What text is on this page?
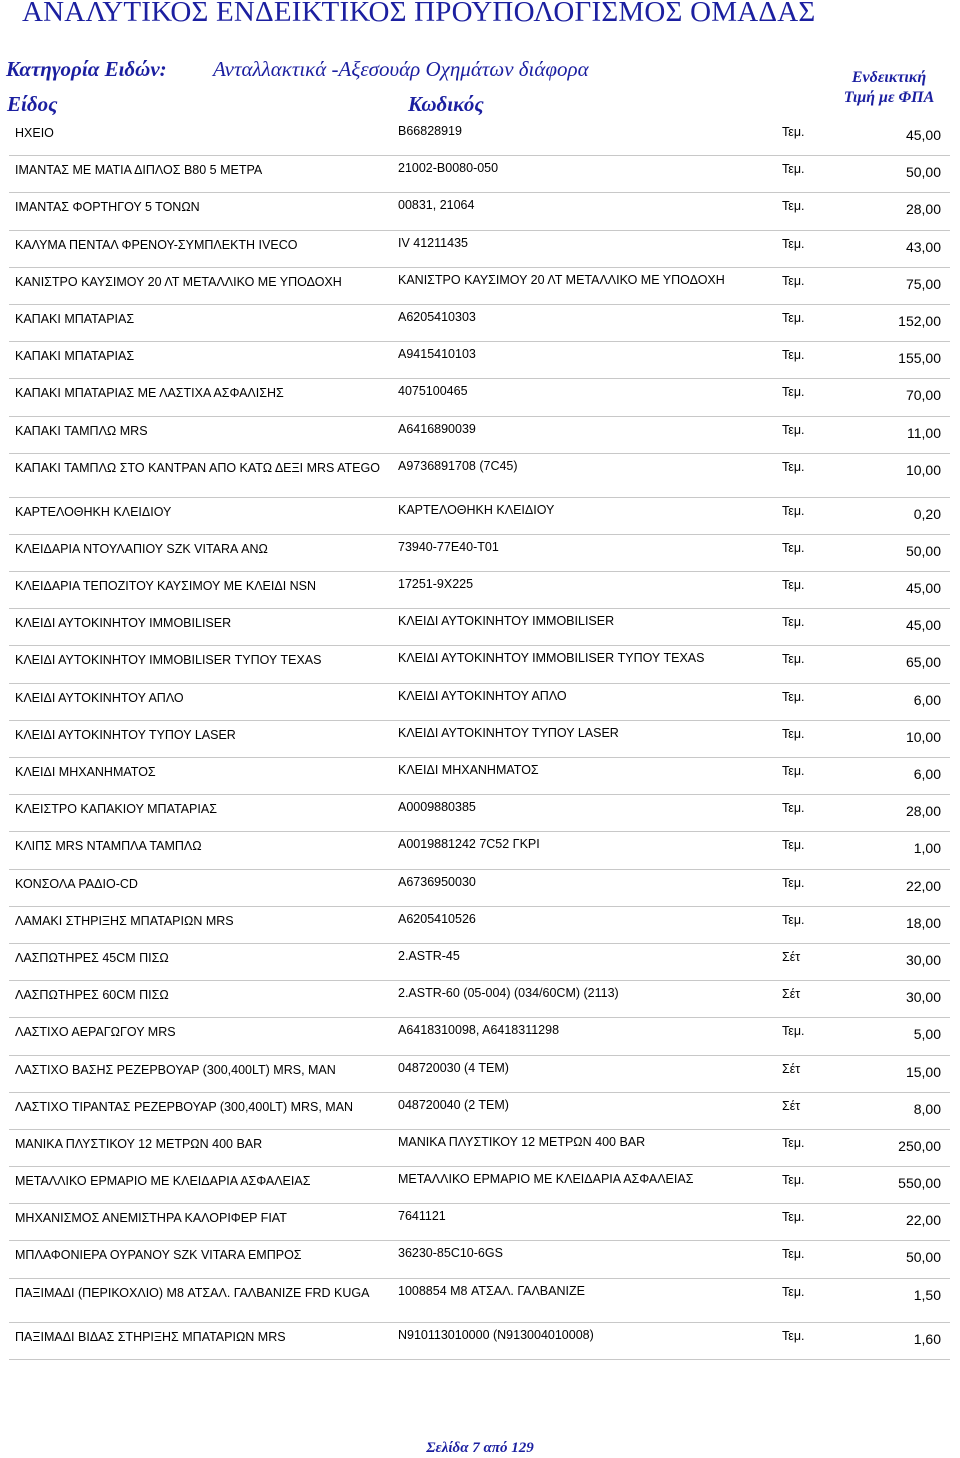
ΑΝΑΛΥΤΙΚΟΣ ΕΝΔΕΙΚΤΙΚΟΣ ΠΡΟΥΠΟΛΟΓΙΣΜΟΣ ΟΜΑΔΑΣ
Κατηγορία Ειδών: Ανταλλακτικά -Αξεσουάρ Οχημάτων διάφορα
Είδος	Κωδικός
Ενδεικτική
Τιμή με ΦΠΑ
ΗΧΕΙΟ	B66828919	Τεμ.	45,00
ΙΜΑΝΤΑΣ ΜΕ ΜΑΤΙΑ ΔΙΠΛΟΣ Β80 5 ΜΕΤΡΑ	21002-B0080-050	Τεμ.	50,00
ΙΜΑΝΤΑΣ ΦΟΡΤΗΓΟΥ 5 ΤΟΝΩΝ	00831, 21064	Τεμ.	28,00
ΚΑΛΥΜΑ ΠΕΝΤΑΛ ΦΡΕΝΟΥ-ΣΥΜΠΛΕΚΤΗ IVECO	IV 41211435	Τεμ.	43,00
ΚΑΝΙΣΤΡΟ ΚΑΥΣΙΜΟΥ 20 ΛΤ ΜΕΤΑΛΛΙΚΟ ΜΕ ΥΠΟΔΟΧΗ	ΚΑΝΙΣΤΡΟ ΚΑΥΣΙΜΟΥ 20 ΛΤ ΜΕΤΑΛΛΙΚΟ ΜΕ ΥΠΟΔΟΧΗ	Τεμ.	75,00
ΚΑΠΑΚΙ ΜΠΑΤΑΡΙΑΣ	A6205410303	Τεμ.	152,00
ΚΑΠΑΚΙ ΜΠΑΤΑΡΙΑΣ	A9415410103	Τεμ.	155,00
ΚΑΠΑΚΙ ΜΠΑΤΑΡΙΑΣ ΜΕ ΛΑΣΤΙΧΑ ΑΣΦΑΛΙΣΗΣ	4075100465	Τεμ.	70,00
ΚΑΠΑΚΙ ΤΑΜΠΛΩ MRS	A6416890039	Τεμ.	11,00
ΚΑΠΑΚΙ ΤΑΜΠΛΩ ΣΤΟ ΚΑΝΤΡΑΝ ΑΠΟ ΚΑΤΩ ΔΕΞΙ MRS ATEGO	A9736891708 (7C45)	Τεμ.	10,00
ΚΑΡΤΕΛΟΘΗΚΗ ΚΛΕΙΔΙΟΥ	ΚΑΡΤΕΛΟΘΗΚΗ ΚΛΕΙΔΙΟΥ	Τεμ.	0,20
ΚΛΕΙΔΑΡΙΑ ΝΤΟΥΛΑΠΙΟΥ SZK VITARA ΑΝΩ	73940-77E40-T01	Τεμ.	50,00
ΚΛΕΙΔΑΡΙΑ ΤΕΠΟΖΙΤΟΥ ΚΑΥΣΙΜΟΥ ΜΕ ΚΛΕΙΔΙ NSN	17251-9X225	Τεμ.	45,00
ΚΛΕΙΔΙ ΑΥΤΟΚΙΝΗΤΟΥ IMMOBILISER	ΚΛΕΙΔΙ ΑΥΤΟΚΙΝΗΤΟΥ IMMOBILISER	Τεμ.	45,00
ΚΛΕΙΔΙ ΑΥΤΟΚΙΝΗΤΟΥ IMMOBILISER ΤΥΠΟΥ TEXAS	ΚΛΕΙΔΙ ΑΥΤΟΚΙΝΗΤΟΥ IMMOBILISER ΤΥΠΟΥ TEXAS	Τεμ.	65,00
ΚΛΕΙΔΙ ΑΥΤΟΚΙΝΗΤΟΥ ΑΠΛΟ	ΚΛΕΙΔΙ ΑΥΤΟΚΙΝΗΤΟΥ ΑΠΛΟ	Τεμ.	6,00
ΚΛΕΙΔΙ ΑΥΤΟΚΙΝΗΤΟΥ ΤΥΠΟΥ LASER	ΚΛΕΙΔΙ ΑΥΤΟΚΙΝΗΤΟΥ ΤΥΠΟΥ LASER	Τεμ.	10,00
ΚΛΕΙΔΙ ΜΗΧΑΝΗΜΑΤΟΣ	ΚΛΕΙΔΙ ΜΗΧΑΝΗΜΑΤΟΣ	Τεμ.	6,00
ΚΛΕΙΣΤΡΟ ΚΑΠΑΚΙΟΥ ΜΠΑΤΑΡΙΑΣ	A0009880385	Τεμ.	28,00
ΚΛΙΠΣ MRS ΝΤΑΜΠΛΑ ΤΑΜΠΛΩ	A0019881242 7C52 ΓΚΡΙ	Τεμ.	1,00
ΚΟΝΣΟΛΑ ΡΑΔΙΟ-CD	A6736950030	Τεμ.	22,00
ΛΑΜΑΚΙ ΣΤΗΡΙΞΗΣ ΜΠΑΤΑΡΙΩΝ MRS	A6205410526	Τεμ.	18,00
ΛΑΣΠΩΤΗΡΕΣ 45CM ΠΙΣΩ	2.ASTR-45	Σέτ	30,00
ΛΑΣΠΩΤΗΡΕΣ 60CM ΠΙΣΩ	2.ASTR-60 (05-004) (034/60CM) (2113)	Σέτ	30,00
ΛΑΣΤΙΧΟ ΑΕΡΑΓΩΓΟΥ MRS	A6418310098, A6418311298	Τεμ.	5,00
ΛΑΣΤΙΧΟ ΒΑΣΗΣ ΡΕΖΕΡΒΟΥΑΡ (300,400LT) MRS, MAN	048720030 (4 TEM)	Σέτ	15,00
ΛΑΣΤΙΧΟ ΤΙΡΑΝΤΑΣ ΡΕΖΕΡΒΟΥΑΡ (300,400LT) MRS, MAN	048720040 (2 TEM)	Σέτ	8,00
ΜΑΝΙΚΑ ΠΛΥΣΤΙΚΟΥ 12 ΜΕΤΡΩΝ 400 BAR	ΜΑΝΙΚΑ ΠΛΥΣΤΙΚΟΥ 12 ΜΕΤΡΩΝ 400 BAR	Τεμ.	250,00
ΜΕΤΑΛΛΙΚΟ ΕΡΜΑΡΙΟ ΜΕ ΚΛΕΙΔΑΡΙΑ ΑΣΦΑΛΕΙΑΣ	ΜΕΤΑΛΛΙΚΟ ΕΡΜΑΡΙΟ ΜΕ ΚΛΕΙΔΑΡΙΑ ΑΣΦΑΛΕΙΑΣ	Τεμ.	550,00
ΜΗΧΑΝΙΣΜΟΣ ΑΝΕΜΙΣΤΗΡΑ ΚΑΛΟΡΙΦΕΡ FIAT	7641121	Τεμ.	22,00
ΜΠΛΑΦΟΝΙΕΡΑ ΟΥΡΑΝΟΥ SZK VITARA ΕΜΠΡΟΣ	36230-85C10-6GS	Τεμ.	50,00
ΠΑΞΙΜΑΔΙ (ΠΕΡΙΚΟΧΛΙΟ) M8 ΑΤΣΑΛ. ΓΑΛΒΑΝΙΖΕ FRD KUGA	1008854 M8 ΑΤΣΑΛ. ΓΑΛΒΑΝΙΖΕ	Τεμ.	1,50
ΠΑΞΙΜΑΔΙ ΒΙΔΑΣ ΣΤΗΡΙΞΗΣ ΜΠΑΤΑΡΙΩΝ MRS	N910113010000 (N913004010008)	Τεμ.	1,60
Σελίδα 7 από 129
